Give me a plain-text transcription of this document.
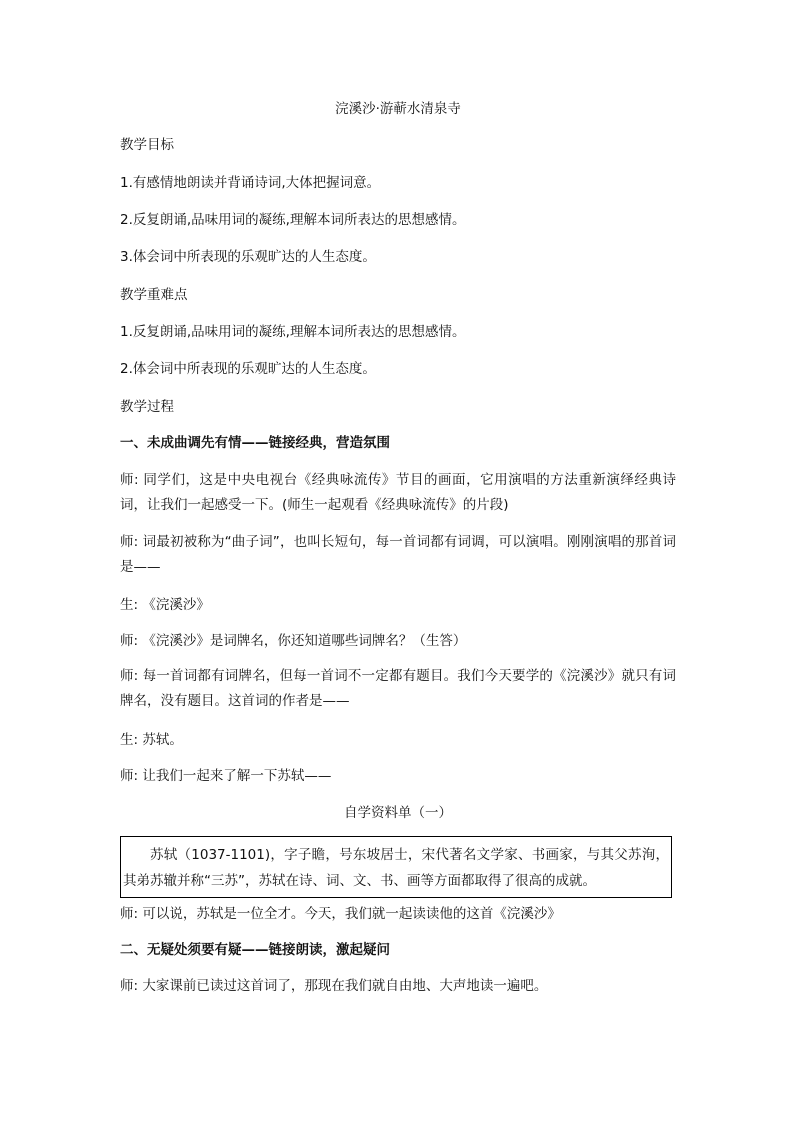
浣溪沙·游蕲水清泉寺
教学目标
1.有感情地朗读并背诵诗词,大体把握词意。
2.反复朗诵,品味用词的凝练,理解本词所表达的思想感情。
3.体会词中所表现的乐观旷达的人生态度。
教学重难点
1.反复朗诵,品味用词的凝练,理解本词所表达的思想感情。
2.体会词中所表现的乐观旷达的人生态度。
教学过程
一、未成曲调先有情——链接经典，营造氛围
师: 同学们，这是中央电视台《经典咏流传》节目的画面，它用演唱的方法重新演绎经典诗词，让我们一起感受一下。(师生一起观看《经典咏流传》的片段)
师: 词最初被称为“曲子词”，也叫长短句，每一首词都有词调，可以演唱。刚刚演唱的那首词是——
生: 《浣溪沙》
师: 《浣溪沙》是词牌名，你还知道哪些词牌名？（生答）
师: 每一首词都有词牌名，但每一首词不一定都有题目。我们今天要学的《浣溪沙》就只有词牌名，没有题目。这首词的作者是——
生: 苏轼。
师: 让我们一起来了解一下苏轼——
自学资料单（一）
苏轼（1037-1101)，字子瞻，号东坡居士，宋代著名文学家、书画家，与其父苏洵，其弟苏辙并称“三苏”，苏轼在诗、词、文、书、画等方面都取得了很高的成就。
师: 可以说，苏轼是一位全才。今天，我们就一起读读他的这首《浣溪沙》
二、无疑处须要有疑——链接朗读，激起疑问
师: 大家课前已读过这首词了，那现在我们就自由地、大声地读一遍吧。
